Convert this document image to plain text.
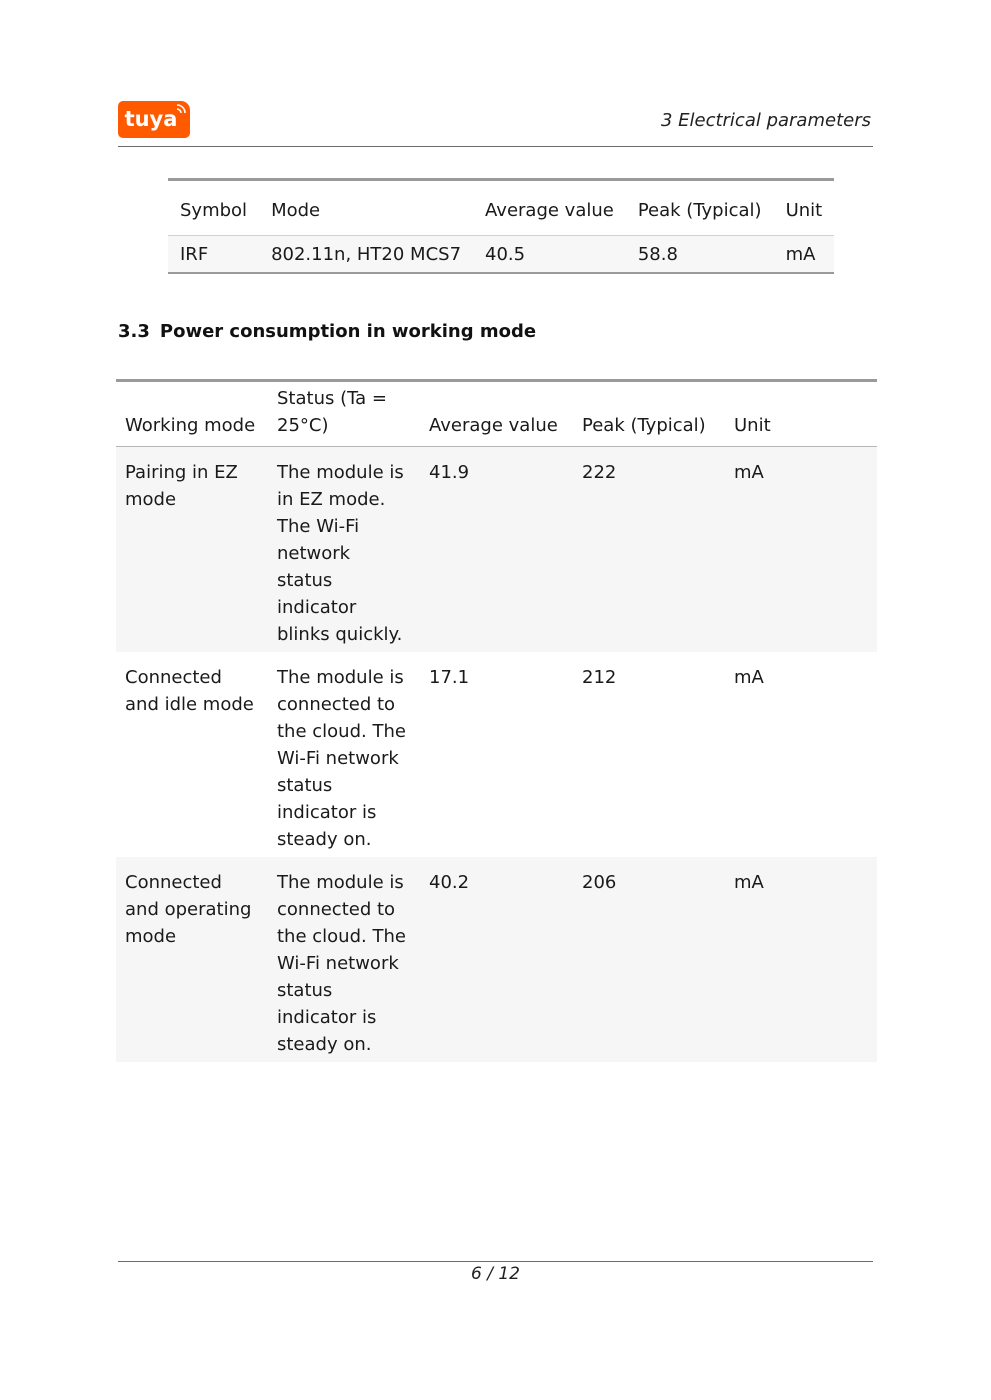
tuya	3 Electrical parameters
Symbol	Mode	Average value	Peak (Typical)	Unit
IRF	802.11n, HT20 MCS7	40.5	58.8	mA
3.3 Power consumption in working mode
Working mode	Status (Ta = 25°C)	Average value	Peak (Typical)	Unit
Pairing in EZ mode	The module is in EZ mode. The Wi-Fi network status indicator blinks quickly.	41.9	222	mA
Connected and idle mode	The module is connected to the cloud. The Wi-Fi network status indicator is steady on.	17.1	212	mA
Connected and operating mode	The module is connected to the cloud. The Wi-Fi network status indicator is steady on.	40.2	206	mA
6 / 12
